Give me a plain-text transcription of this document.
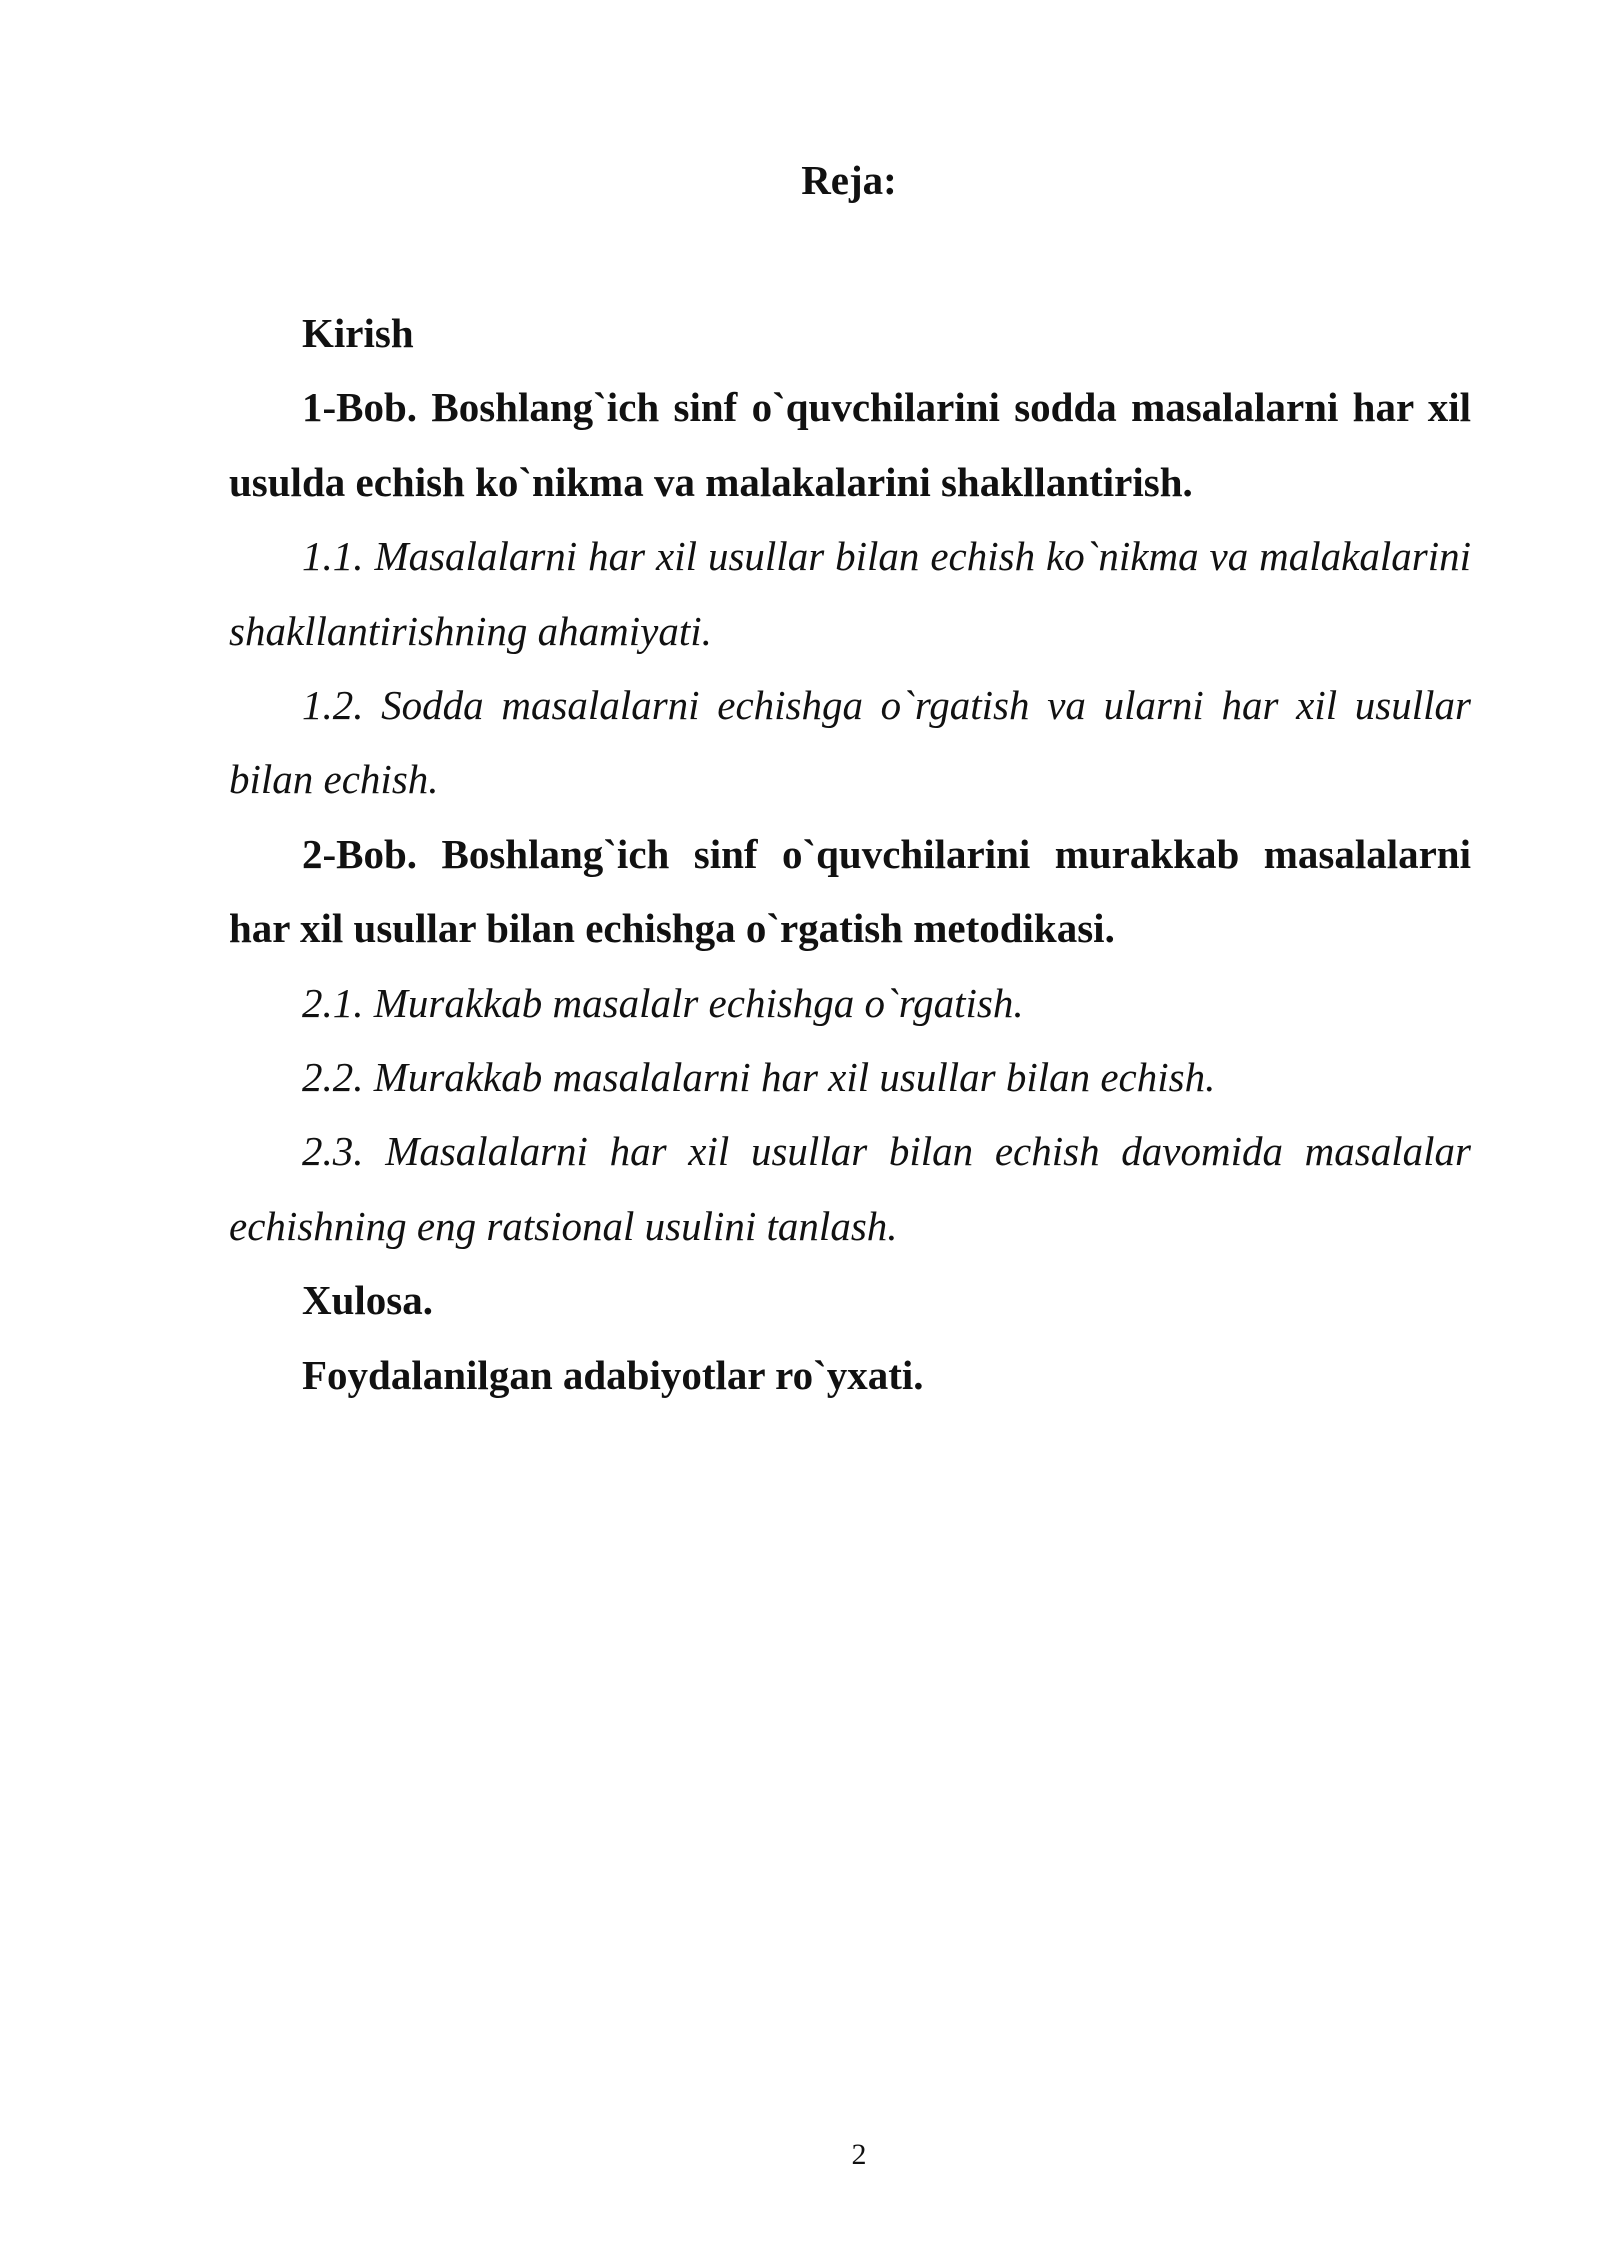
Reja:

Kirish

1-Bob. Boshlang`ich sinf o`quvchilarini sodda masalalarni har xil usulda echish ko`nikma va malakalarini shakllantirish.

1.1. Masalalarni har xil usullar bilan echish ko`nikma va malakalarini shakllantirishning ahamiyati.

1.2. Sodda masalalarni echishga o`rgatish va ularni har xil usullar bilan echish.

2-Bob. Boshlang`ich sinf o`quvchilarini murakkab masalalarni har xil usullar bilan echishga o`rgatish metodikasi.

2.1. Murakkab masalalr echishga o`rgatish.

2.2. Murakkab masalalarni har xil usullar bilan echish.

2.3. Masalalarni har xil usullar bilan echish davomida masalalar echishning eng ratsional usulini tanlash.

Xulosa.

Foydalanilgan adabiyotlar ro`yxati.

2
